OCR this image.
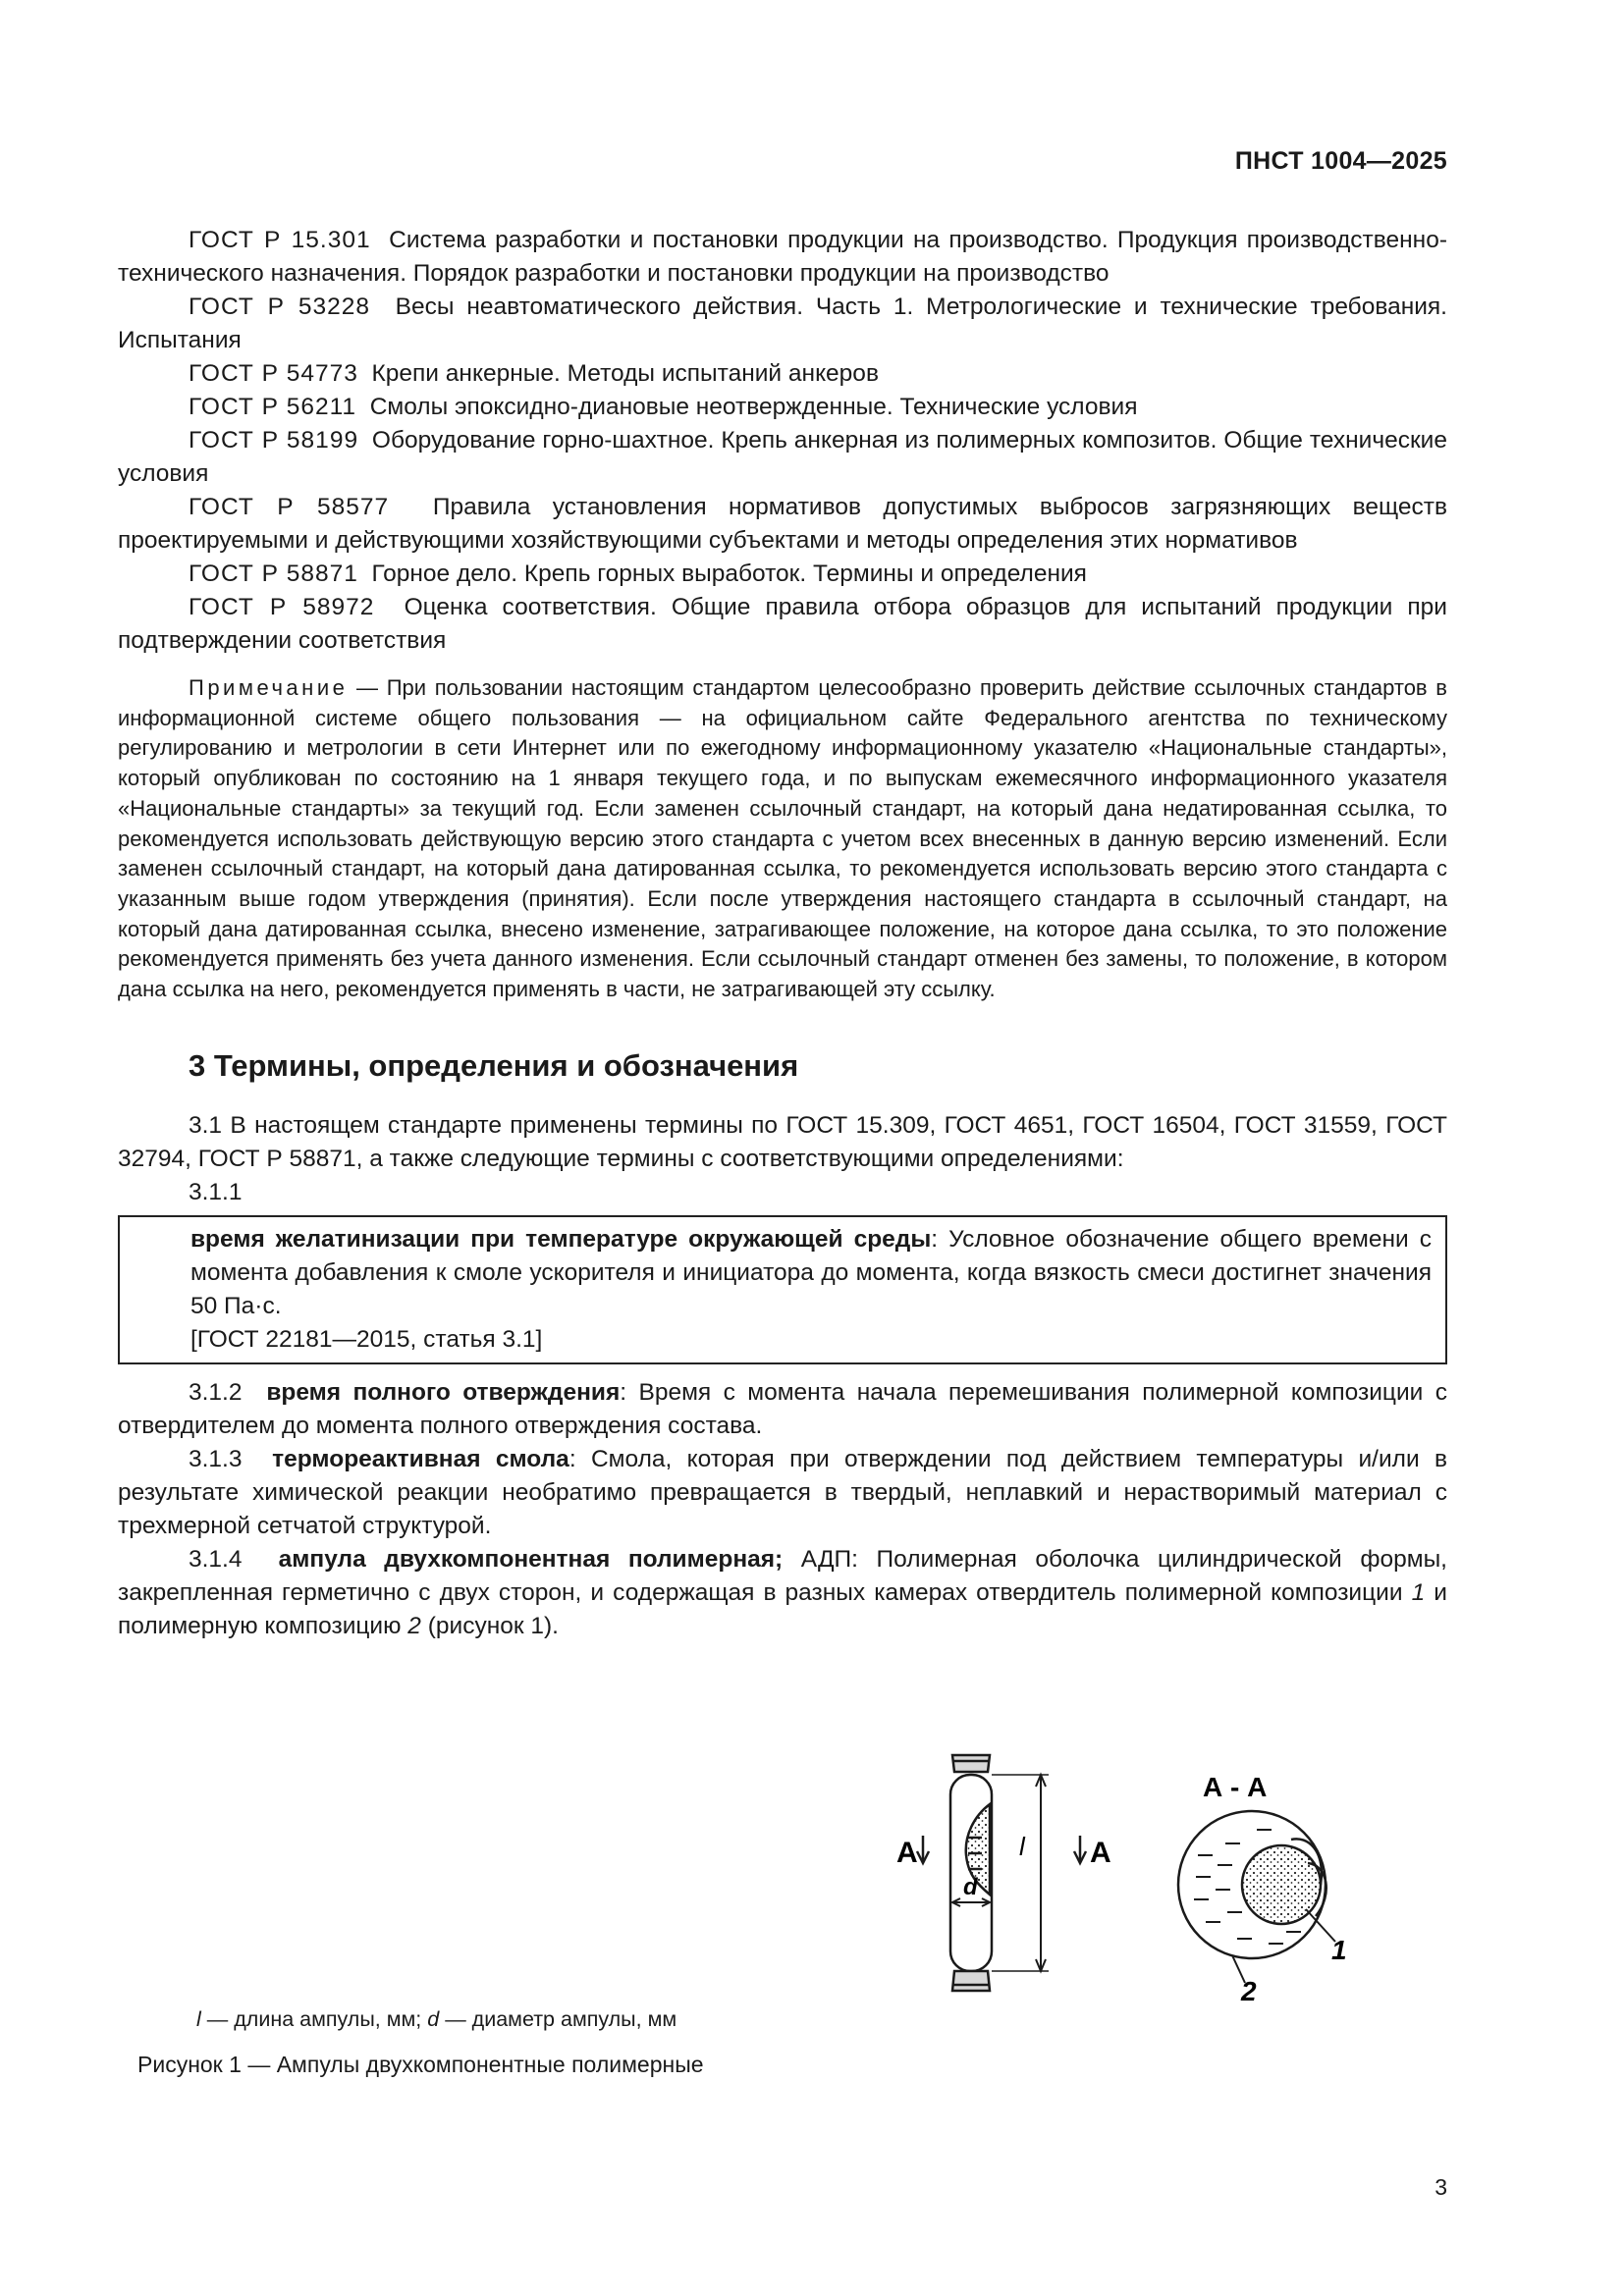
ПНСТ 1004—2025

ГОСТ Р 15.301 Система разработки и постановки продукции на производство. Продукция производственно-технического назначения. Порядок разработки и постановки продукции на производство

ГОСТ Р 53228 Весы неавтоматического действия. Часть 1. Метрологические и технические требования. Испытания

ГОСТ Р 54773 Крепи анкерные. Методы испытаний анкеров

ГОСТ Р 56211 Смолы эпоксидно-диановые неотвержденные. Технические условия

ГОСТ Р 58199 Оборудование горно-шахтное. Крепь анкерная из полимерных композитов. Общие технические условия

ГОСТ Р 58577 Правила установления нормативов допустимых выбросов загрязняющих веществ проектируемыми и действующими хозяйствующими субъектами и методы определения этих нормативов

ГОСТ Р 58871 Горное дело. Крепь горных выработок. Термины и определения

ГОСТ Р 58972 Оценка соответствия. Общие правила отбора образцов для испытаний продукции при подтверждении соответствия

Примечание — При пользовании настоящим стандартом целесообразно проверить действие ссылочных стандартов в информационной системе общего пользования — на официальном сайте Федерального агентства по техническому регулированию и метрологии в сети Интернет или по ежегодному информационному указателю «Национальные стандарты», который опубликован по состоянию на 1 января текущего года, и по выпускам ежемесячного информационного указателя «Национальные стандарты» за текущий год. Если заменен ссылочный стандарт, на который дана недатированная ссылка, то рекомендуется использовать действующую версию этого стандарта с учетом всех внесенных в данную версию изменений. Если заменен ссылочный стандарт, на который дана датированная ссылка, то рекомендуется использовать версию этого стандарта с указанным выше годом утверждения (принятия). Если после утверждения настоящего стандарта в ссылочный стандарт, на который дана датированная ссылка, внесено изменение, затрагивающее положение, на которое дана ссылка, то это положение рекомендуется применять без учета данного изменения. Если ссылочный стандарт отменен без замены, то положение, в котором дана ссылка на него, рекомендуется применять в части, не затрагивающей эту ссылку.

3 Термины, определения и обозначения

3.1 В настоящем стандарте применены термины по ГОСТ 15.309, ГОСТ 4651, ГОСТ 16504, ГОСТ 31559, ГОСТ 32794, ГОСТ Р 58871, а также следующие термины с соответствующими определениями:

3.1.1

время желатинизации при температуре окружающей среды: Условное обозначение общего времени с момента добавления к смоле ускорителя и инициатора до момента, когда вязкость смеси достигнет значения 50 Па·с.
[ГОСТ 22181—2015, статья 3.1]

3.1.2 время полного отверждения: Время с момента начала перемешивания полимерной композиции с отвердителем до момента полного отверждения состава.

3.1.3 термореактивная смола: Смола, которая при отверждении под действием температуры и/или в результате химической реакции необратимо превращается в твердый, неплавкий и нерастворимый материал с трехмерной сетчатой структурой.

3.1.4 ампула двухкомпонентная полимерная; АДП: Полимерная оболочка цилиндрической формы, закрепленная герметично с двух сторон, и содержащая в разных камерах отвердитель полимерной композиции 1 и полимерную композицию 2 (рисунок 1).

А	А
l
d
А - А
1
2
l — длина ампулы, мм; d — диаметр ампулы, мм
Рисунок 1 — Ампулы двухкомпонентные полимерные
3
